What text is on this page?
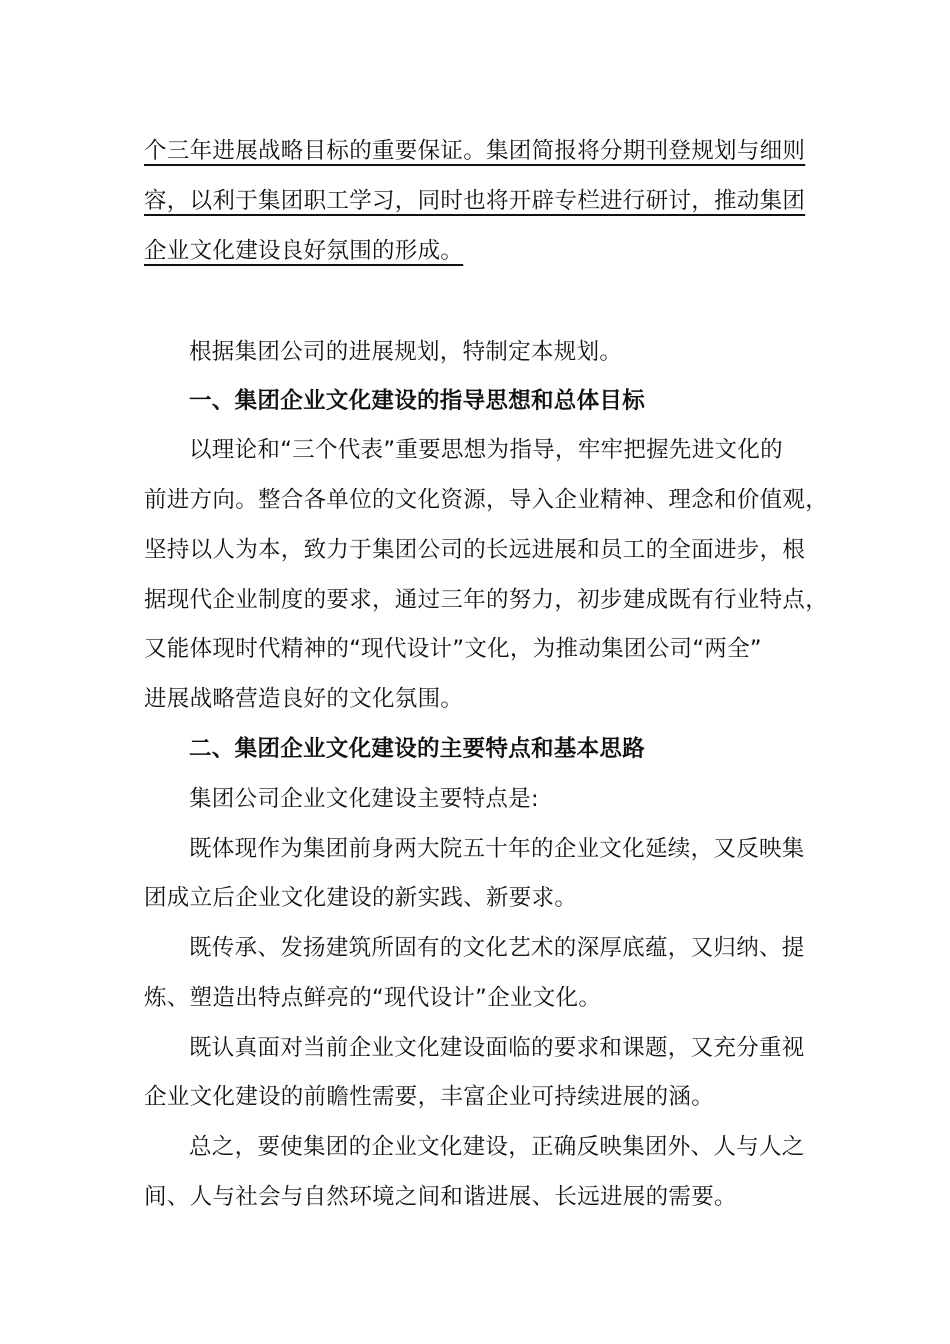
个三年进展战略目标的重要保证。集团简报将分期刊登规划与细则
容，以利于集团职工学习，同时也将开辟专栏进行研讨，推动集团
企业文化建设良好氛围的形成。
根据集团公司的进展规划，特制定本规划。
一、集团企业文化建设的指导思想和总体目标
以理论和“三个代表”重要思想为指导，牢牢把握先进文化的
前进方向。整合各单位的文化资源，导入企业精神、理念和价值观，
坚持以人为本，致力于集团公司的长远进展和员工的全面进步，根
据现代企业制度的要求，通过三年的努力，初步建成既有行业特点，
又能体现时代精神的“现代设计”文化，为推动集团公司“两全”
进展战略营造良好的文化氛围。
二、集团企业文化建设的主要特点和基本思路
集团公司企业文化建设主要特点是:
既体现作为集团前身两大院五十年的企业文化延续，又反映集
团成立后企业文化建设的新实践、新要求。
既传承、发扬建筑所固有的文化艺术的深厚底蕴，又归纳、提
炼、塑造出特点鲜亮的“现代设计”企业文化。
既认真面对当前企业文化建设面临的要求和课题，又充分重视
企业文化建设的前瞻性需要，丰富企业可持续进展的涵。
总之，要使集团的企业文化建设，正确反映集团外、人与人之
间、人与社会与自然环境之间和谐进展、长远进展的需要。
